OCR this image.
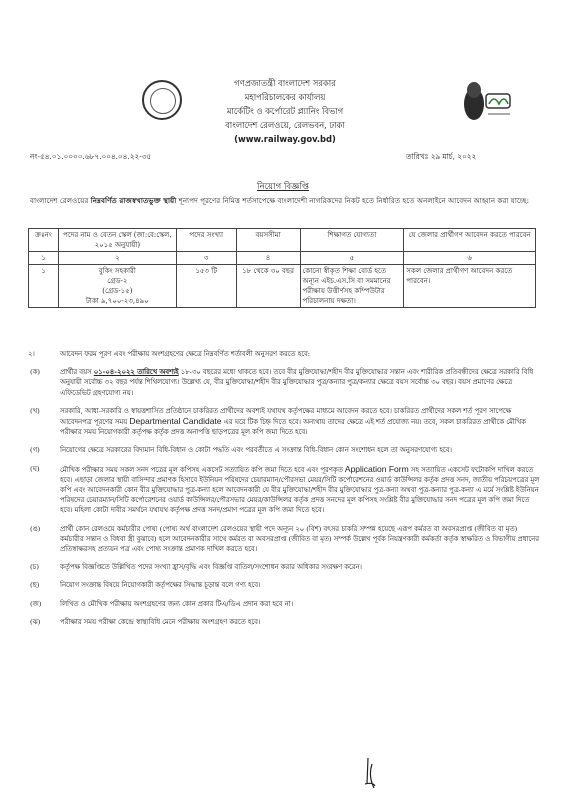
গণপ্রজাতন্ত্রী বাংলাদেশ সরকার
মহাপরিচালকের কার্যালয়
মার্কেটিং ও কর্পোরেট প্ল্যানিং বিভাগ
বাংলাদেশ রেলওয়ে, রেলভবন, ঢাকা
(www.railway.gov.bd)
নং-৫৪.০১.০০০০.৬৮৭.০০৪.০৪.২২-৩৫	তারিখঃ ২৯ মার্চ, ২০২২
নিয়োগ বিজ্ঞপ্তি
বাংলাদেশ রেলওয়ের নিম্নবর্ণিত রাজস্বখাতভুক্ত স্থায়ী শূন্যপদ পূরণের নিমিত্ত শর্তসাপেক্ষে বাংলাদেশী নাগরিকদের নিকট হতে নির্ধারিত হতে অনলাইনে আবেদন আহ্বান করা যাচ্ছে:
ক্রঃনং	পদের নাম ও বেতন স্কেল (জা:বে:স্কেল, ২০১৫ অনুযায়ী)	পদের সংখ্যা	বয়সসীমা	শিক্ষাগত যোগ্যতা	যে জেলার প্রার্থীগণ আবেদন করতে পারবেন
১	২	৩	৪	৫	৬
১	বুকিং সহকারী
গ্রেড-২
(গ্রেড-১৫)
টাকা ৯,৭০০-২৩,৪৯০	১৫৩ টি	১৮ থেকে ৩০ বছর	কোনো স্বীকৃত শিক্ষা বোর্ড হতে অন্যূন এইচ.এস.সি বা সমমানের পরীক্ষায় উত্তীর্ণসহ কম্পিউটার পরিচালনায় দক্ষতা।	সকল জেলার প্রার্থীগণ আবেদন করতে পারবেন।
২।	আবেদন ফরম পূরণ এবং পরীক্ষায় অংশগ্রহণের ক্ষেত্রে নিম্নবর্ণিত শর্তাবলী অনুসরণ করতে হবে:
(ক)	প্রার্থীর বয়স ০১-০৪-২০২২ তারিখে অবশ্যই ১৮-৩০ বছরের মধ্যে থাকতে হবে। তবে বীর মুক্তিযোদ্ধা/শহীদ বীর মুক্তিযোদ্ধার সন্তান এবং শারীরিক প্রতিবন্ধীদের ক্ষেত্রে সরকারি বিধি অনুযায়ী সর্বোচ্চ ৩২ বছর পর্যন্ত শিথিলযোগ্য। উল্লেখ্য যে, বীর মুক্তিযোদ্ধা/শহীদ বীর মুক্তিযোদ্ধার পুত্র/কন্যার পুত্র/কন্যার ক্ষেত্রে বয়স সর্বোচ্চ ৩০ বছর। বয়স প্রমাণের ক্ষেত্রে এফিডেভিট গ্রহণযোগ্য নয়।
(খ)	সরকারি, আধা-সরকারি ও স্বায়ত্তশাসিত প্রতিষ্ঠানে চাকরিরত প্রার্থীদের অবশ্যই যথাযথ কর্তৃপক্ষের মাধ্যমে আবেদন করতে হবে। চাকরিরত প্রার্থীদের সকল শর্ত পূরণ সাপেক্ষে আবেদনপত্র পূরণের সময় Departmental Candidate এর ঘরে টিক চিহ্ন দিতে হবে। অন্যথায় তাদের ক্ষেত্রে এই শর্ত প্রযোজ্য নয়। তবে, সকল চাকরিরত প্রার্থীকে মৌখিক পরীক্ষার সময় নিয়োগকারী কর্তৃপক্ষ কর্তৃক প্রদত্ত অনাপত্তি ছাড়পত্রের মূল কপি জমা দিতে হবে।
(গ)	নিয়োগের ক্ষেত্রে সরকারের বিদ্যমান বিধি-বিধান ও কোটা পদ্ধতি এবং পরবর্তীতে এ সংক্রান্ত বিধি-বিধান কোন সংশোধন হলে তা অনুসরণযোগ্য হবে।
(ঘ)	মৌখিক পরীক্ষার সময় সকল সনদ পত্রের মূল কপিসহ একসেট সত্যায়িত কপি জমা দিতে হবে এবং পূরণকৃত Application Form সহ সত্যায়িত একসেট ফটোকপি দাখিল করতে হবে। এছাড়া জেলার স্থায়ী বাসিন্দার প্রমাণক হিসাবে ইউনিয়ন পরিষদের চেয়ারম্যান/পৌরসভা মেয়র/সিটি কর্পোরেশনের ওয়ার্ড কাউন্সিলর কর্তৃক প্রদত্ত সনদ, জাতীয় পরিচয়পত্রের মূল কপি এবং আবেদনকারী কোন বীর মুক্তিযোদ্ধার পুত্র-কন্যা হলে আবেদনকারী যে বীর মুক্তিযোদ্ধা/শহীদ বীর মুক্তিযোদ্ধার পুত্র-কন্যা অথবা পুত্র-কন্যার পুত্র-কন্যা এ মর্মে সংশ্লিষ্ট ইউনিয়ন পরিষদের চেয়ারম্যান/সিটি কর্পোরেশনের ওয়ার্ড কাউন্সিলর/পৌরসভার মেয়র/কাউন্সিলর কর্তৃক প্রদত্ত সনদের মূল কপিসহ সংশ্লিষ্ট বীর মুক্তিযোদ্ধার সনদ পত্রের মূল কপি জমা দিতে হবে। মহিলা কোটা দাবীর সমর্থনে যথাযথ কর্তৃপক্ষ প্রদত্ত সনদ/প্রমাণ পত্রের মূল কপি জমা দিতে হবে।
(ঙ)	প্রার্থী কোন রেলওয়ে কর্মচারীর পোষ্য (পোষ্য অর্থ বাংলাদেশ রেলওয়ের স্থায়ী পদে অন্যূন ২০ (বিশ) বৎসর চাকরি সম্পন্ন হয়েছে এরূপ কর্মরত বা অবসরপ্রাপ্ত (জীবিত বা মৃত) কর্মচারীর সন্তান ও বিধবা স্ত্রী বুঝাবে) হলে আবেদনকারীর সাথে কর্মরত বা অবসরপ্রাপ্ত (জীবিত বা মৃত) সম্পর্ক উল্লেখ পূর্বক নিয়ন্ত্রণকারী কর্মকর্তা কর্তৃক স্বাক্ষরিত ও বিভাগীয় প্রধানের প্রতিস্বাক্ষরসহ প্রত্যয়ন পত্র এবং পোষ্য সংক্রান্ত প্রমাণক দাখিল করতে হবে।
(চ)	কর্তৃপক্ষ বিজ্ঞপ্তিতে উল্লিখিত পদের সংখ্যা হ্রাস/বৃদ্ধি এবং বিজ্ঞপ্তি বাতিল/সংশোধন করার অধিকার সংরক্ষণ করেন।
(ছ)	নিয়োগ সংক্রান্ত বিষয়ে নিয়োগকারী কর্তৃপক্ষের সিদ্ধান্ত চূড়ান্ত বলে গণ্য হবে।
(জ)	লিখিত ও মৌখিক পরীক্ষায় অংশগ্রহণের জন্য কোন প্রকার টিএ/ডিএ প্রদান করা হবে না।
(ঝ)	পরীক্ষার সময় পরীক্ষা কেন্দ্রে স্বাস্থ্যবিধি মেনে পরীক্ষায় অংশগ্রহণ করতে হবে।
